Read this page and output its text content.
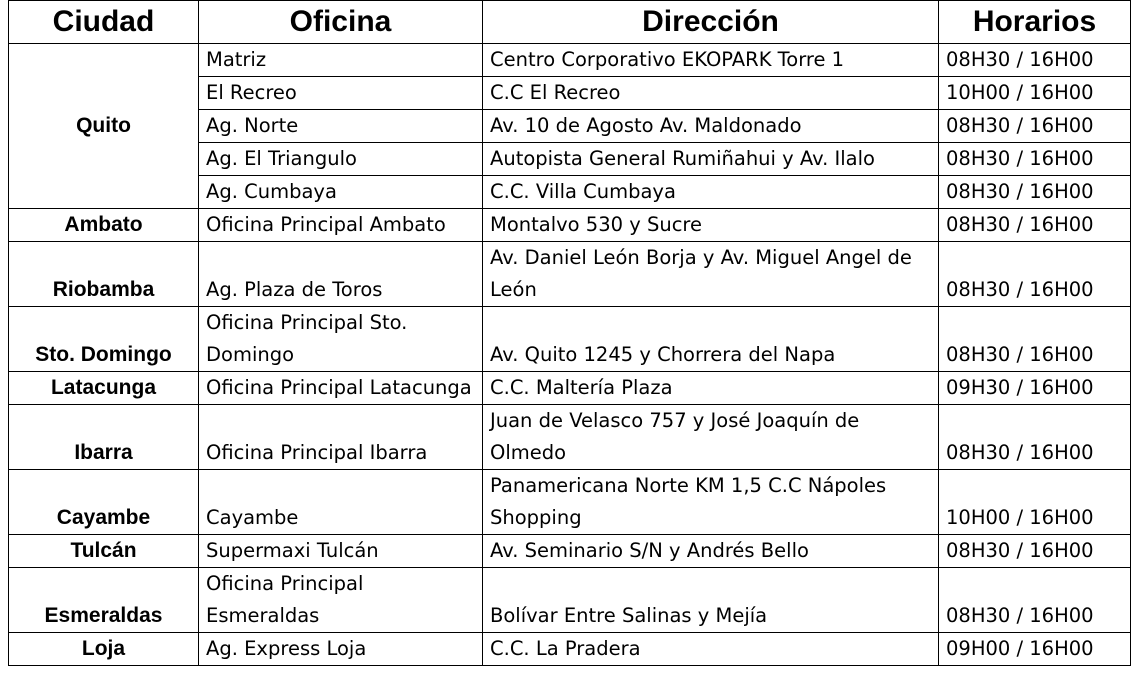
Ciudad	Oficina	Dirección	Horarios
Quito	Matriz	Centro Corporativo EKOPARK Torre 1	08H30 / 16H00
	El Recreo	C.C El Recreo	10H00 / 16H00
	Ag. Norte	Av. 10 de Agosto Av. Maldonado	08H30 / 16H00
	Ag. El Triangulo	Autopista General Rumiñahui y Av. Ilalo	08H30 / 16H00
	Ag. Cumbaya	C.C. Villa Cumbaya	08H30 / 16H00
Ambato	Oficina Principal Ambato	Montalvo 530 y Sucre	08H30 / 16H00
Riobamba	Ag. Plaza de Toros	Av. Daniel León Borja y Av. Miguel Angel de León	08H30 / 16H00
Sto. Domingo	Oficina Principal Sto. Domingo	Av. Quito 1245 y Chorrera del Napa	08H30 / 16H00
Latacunga	Oficina Principal Latacunga	C.C. Maltería Plaza	09H30 / 16H00
Ibarra	Oficina Principal Ibarra	Juan de Velasco 757 y José Joaquín de Olmedo	08H30 / 16H00
Cayambe	Cayambe	Panamericana Norte KM 1,5 C.C Nápoles Shopping	10H00 / 16H00
Tulcán	Supermaxi Tulcán	Av. Seminario S/N y Andrés Bello	08H30 / 16H00
Esmeraldas	Oficina Principal Esmeraldas	Bolívar Entre Salinas y Mejía	08H30 / 16H00
Loja	Ag. Express Loja	C.C. La Pradera	09H00 / 16H00
